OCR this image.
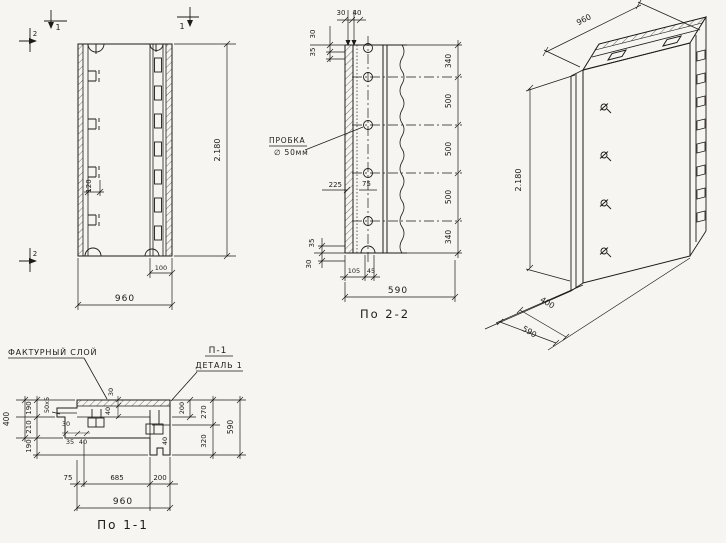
120
2.180
960
100
1	1
2
2
30 40
30
35
225	75
35
30
105 45
590
340
500
500
500
340
ПРОБКА
∅ 50мм
По 2-2
960
2.180
400
590
ФАКТУРНЫЙ СЛОЙ	П-1
ДЕТАЛЬ 1
50х5
30
40
30
35 40
400
190
210
190
200
40
270
320
590
75	685	200
960
По 1-1
